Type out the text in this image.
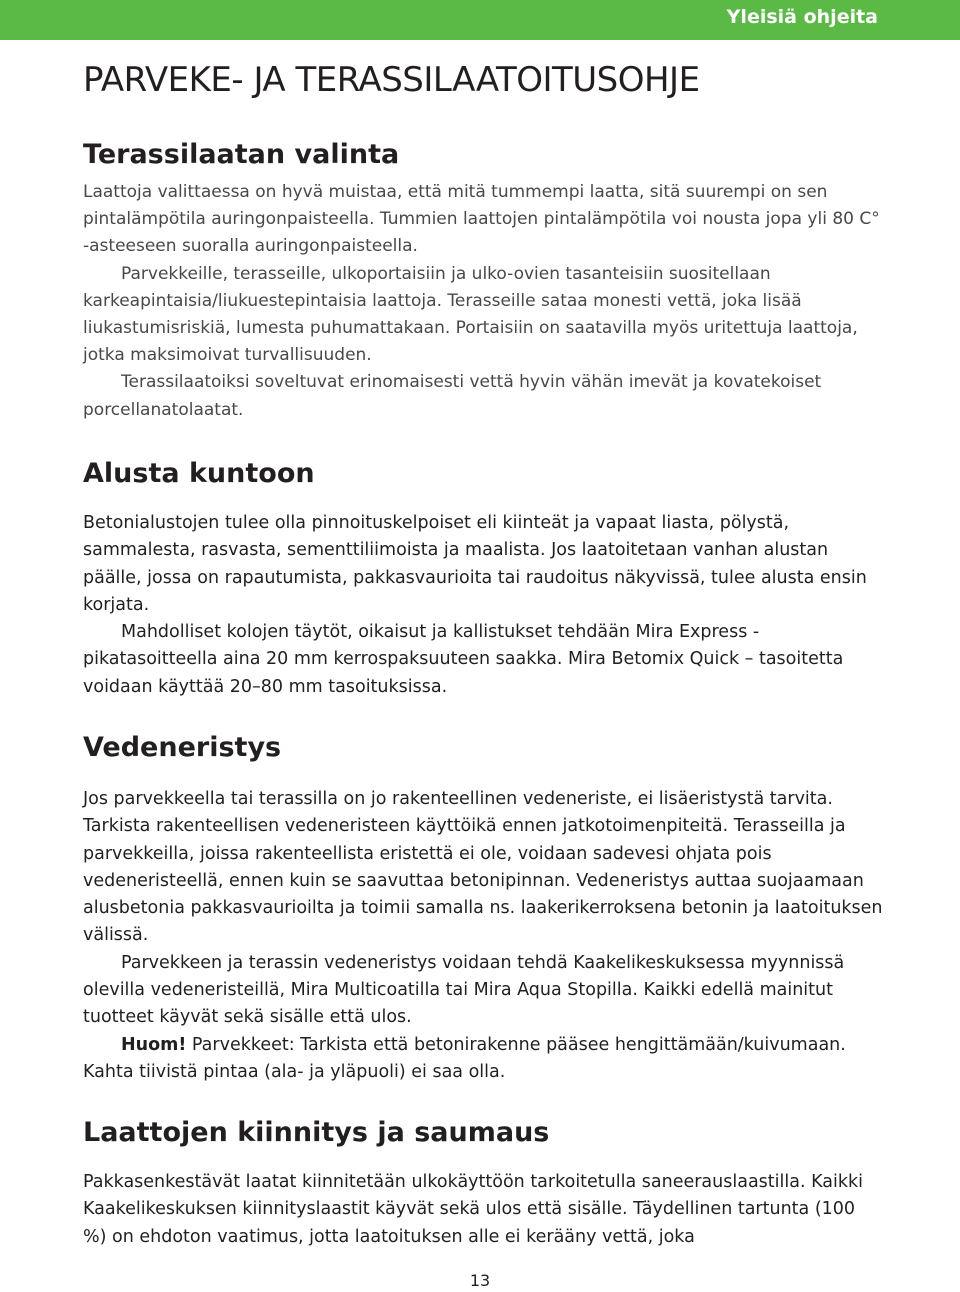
Yleisiä ohjeita
PARVEKE- JA TERASSILAATOITUSOHJE
Terassilaatan valinta

Laattoja valittaessa on hyvä muistaa, että mitä tummempi laatta, sitä suurempi on sen pintalämpötila auringonpaisteella. Tummien laattojen pintalämpötila voi nousta jopa yli 80 C° -asteeseen suoralla auringonpaisteella.

Parvekkeille, terasseille, ulkoportaisiin ja ulko-ovien tasanteisiin suositellaan karkeapintaisia/liukuestepintaisia laattoja. Terasseille sataa monesti vettä, joka lisää liukastumisriskiä, lumesta puhumattakaan. Portaisiin on saatavilla myös uritettuja laattoja, jotka maksimoivat turvallisuuden.

Terassilaatoiksi soveltuvat erinomaisesti vettä hyvin vähän imevät ja kovatekoiset porcellanatolaatat.

Alusta kuntoon

Betonialustojen tulee olla pinnoituskelpoiset eli kiinteät ja vapaat liasta, pölystä, sammalesta, rasvasta, sementtiliimoista ja maalista. Jos laatoitetaan vanhan alustan päälle, jossa on rapautumista, pakkasvaurioita tai raudoitus näkyvissä, tulee alusta ensin korjata.

Mahdolliset kolojen täytöt, oikaisut ja kallistukset tehdään Mira Express -pikatasoitteella aina 20 mm kerrospaksuuteen saakka. Mira Betomix Quick – tasoitetta voidaan käyttää 20–80 mm tasoituksissa.

Vedeneristys

Jos parvekkeella tai terassilla on jo rakenteellinen vedeneriste, ei lisäeristystä tarvita. Tarkista rakenteellisen vedeneristeen käyttöikä ennen jatkotoimenpiteitä. Terasseilla ja parvekkeilla, joissa rakenteellista eristettä ei ole, voidaan sadevesi ohjata pois vedeneristeellä, ennen kuin se saavuttaa betonipinnan. Vedeneristys auttaa suojaamaan alusbetonia pakkasvaurioilta ja toimii samalla ns. laakerikerroksena betonin ja laatoituksen välissä.

Parvekkeen ja terassin vedeneristys voidaan tehdä Kaakelikeskuksessa myynnissä olevilla vedeneristeillä, Mira Multicoatilla tai Mira Aqua Stopilla. Kaikki edellä mainitut tuotteet käyvät sekä sisälle että ulos.

Huom! Parvekkeet: Tarkista että betonirakenne pääsee hengittämään/kuivumaan. Kahta tiivistä pintaa (ala- ja yläpuoli) ei saa olla.

Laattojen kiinnitys ja saumaus

Pakkasenkestävät laatat kiinnitetään ulkokäyttöön tarkoitetulla saneerauslaastilla. Kaikki Kaakelikeskuksen kiinnityslaastit käyvät sekä ulos että sisälle. Täydellinen tartunta (100 %) on ehdoton vaatimus, jotta laatoituksen alle ei kerääny vettä, joka

13
